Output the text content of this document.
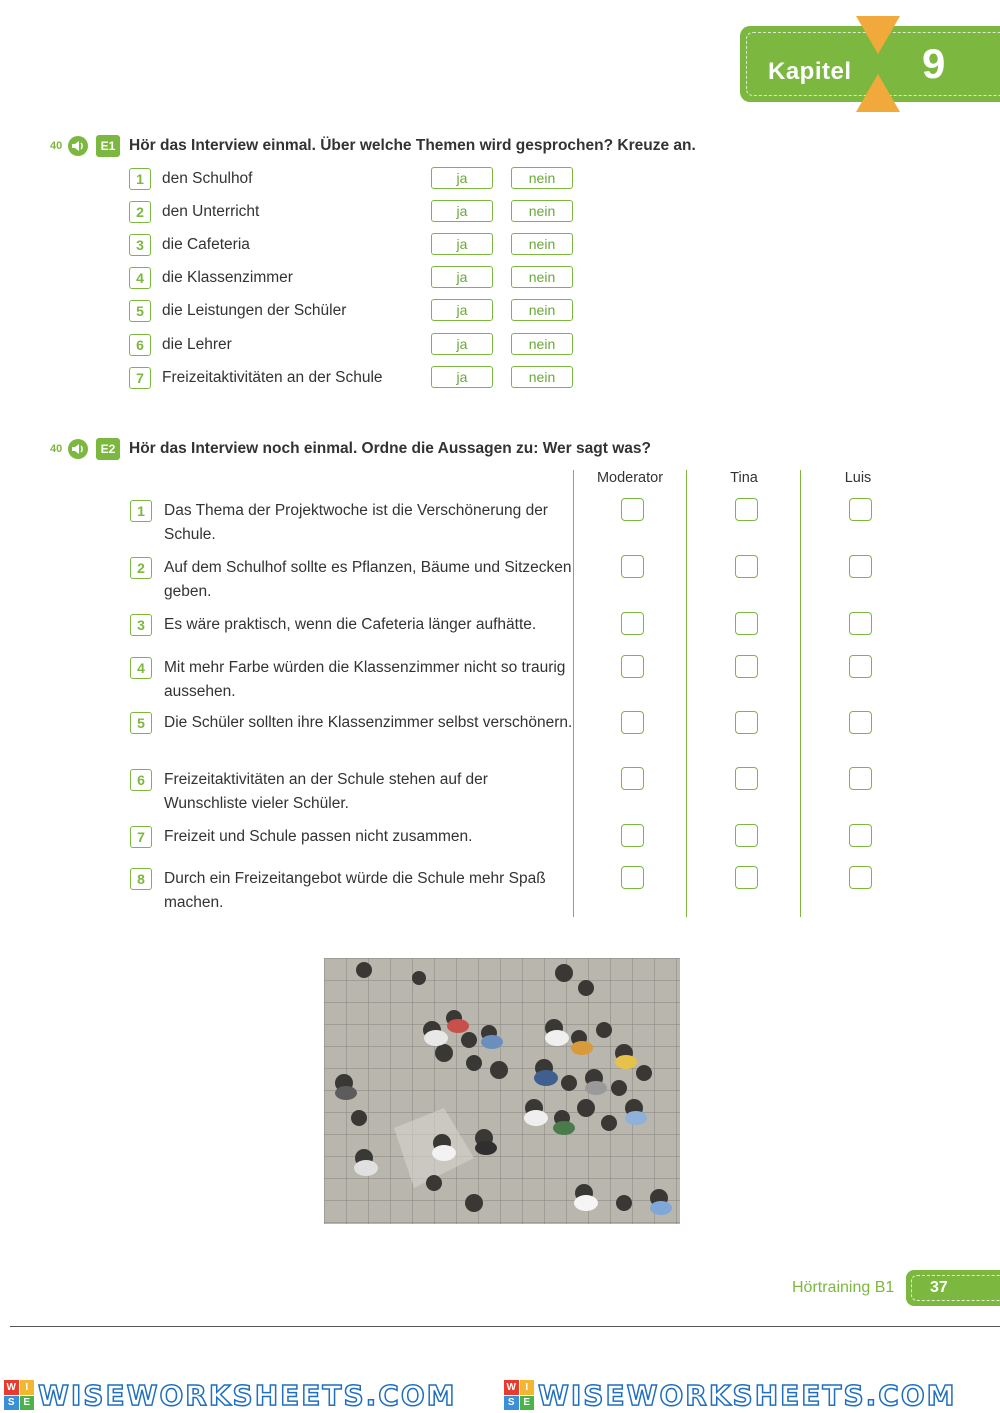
Kapitel 9
40	E1 Hör das Interview einmal. Über welche Themen wird gesprochen? Kreuze an.
1	den Schulhof	ja	nein
2	den Unterricht	ja	nein
3	die Cafeteria	ja	nein
4	die Klassenzimmer	ja	nein
5	die Leistungen der Schüler	ja	nein
6	die Lehrer	ja	nein
7	Freizeitaktivitäten an der Schule	ja	nein
40	E2 Hör das Interview noch einmal. Ordne die Aussagen zu: Wer sagt was?
Moderator	Tina	Luis
1	Das Thema der Projektwoche ist die Verschönerung der Schule.
2	Auf dem Schulhof sollte es Pflanzen, Bäume und Sitzecken geben.
3	Es wäre praktisch, wenn die Cafeteria länger aufhätte.
4	Mit mehr Farbe würden die Klassenzimmer nicht so traurig aussehen.
5	Die Schüler sollten ihre Klassenzimmer selbst verschönern.
6	Freizeitaktivitäten an der Schule stehen auf der Wunschliste vieler Schüler.
7	Freizeit und Schule passen nicht zusammen.
8	Durch ein Freizeitangebot würde die Schule mehr Spaß machen.
Hörtraining B1 37
W I
S E WISEWORKSHEETS.COM	W I
S E WISEWORKSHEETS.COM
